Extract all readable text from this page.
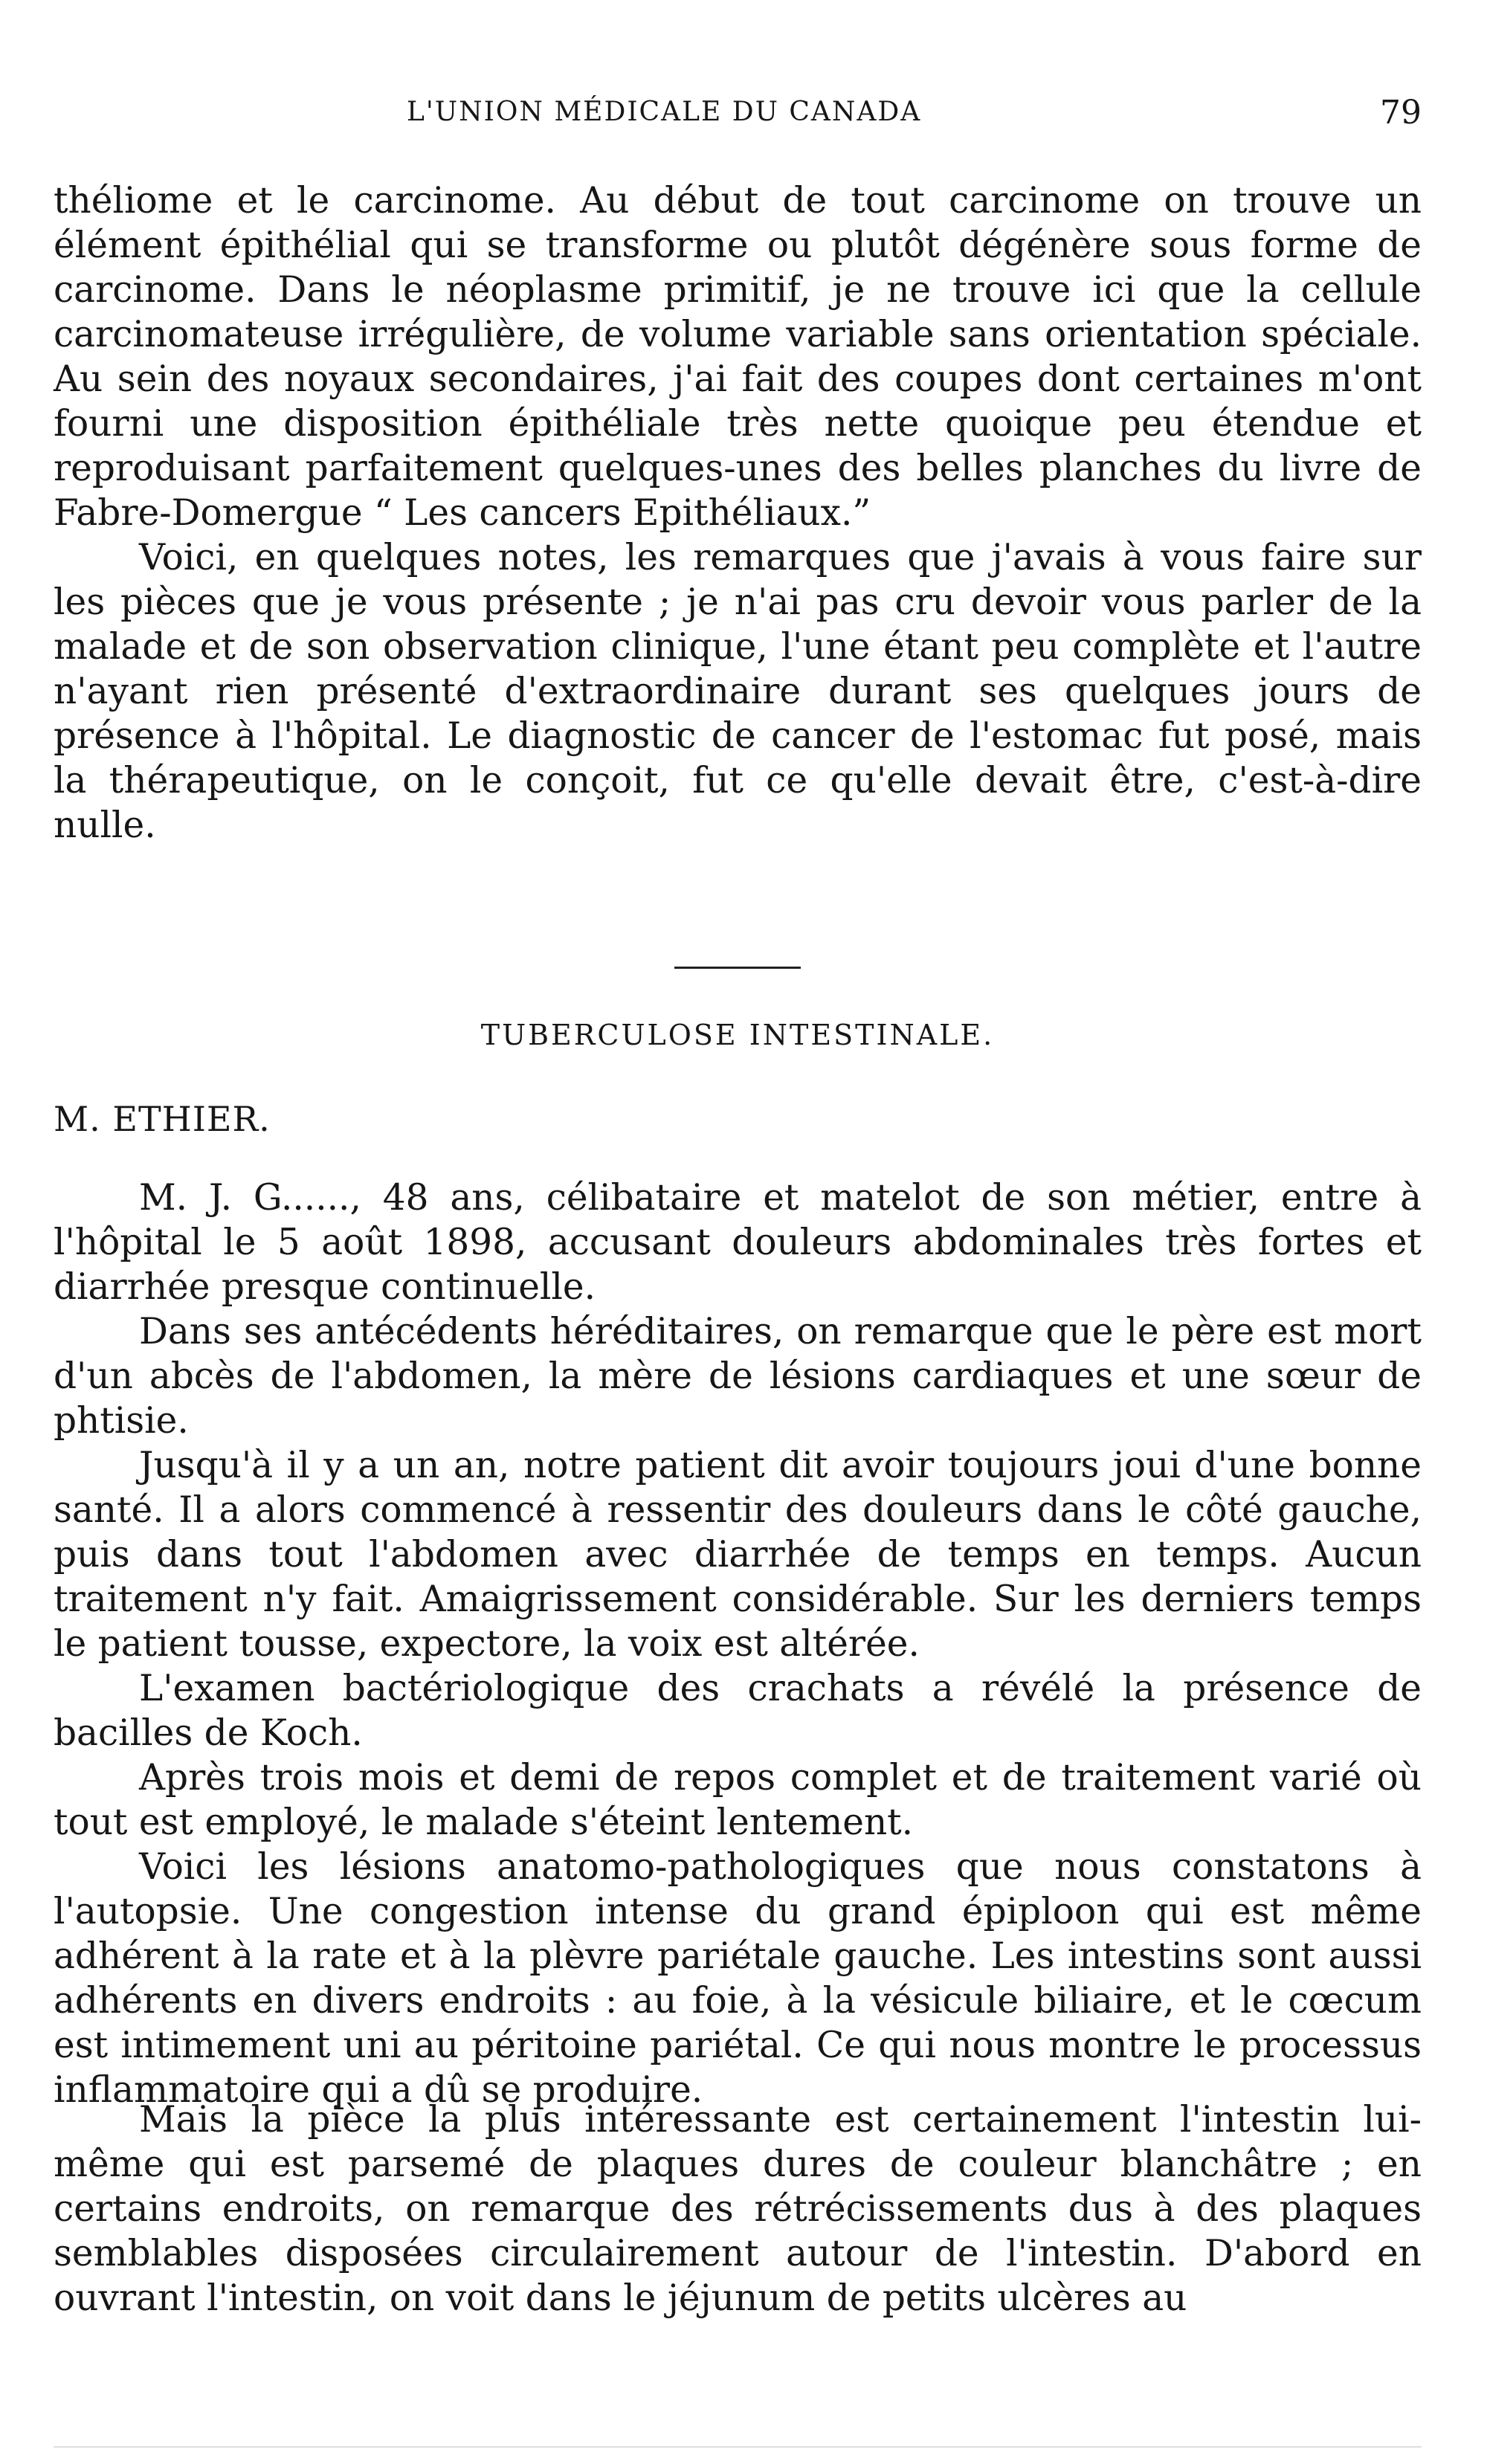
L'UNION MÉDICALE DU CANADA	79

théliome et le carcinome. Au début de tout carcinome on trouve un élément épithélial qui se transforme ou plutôt dégénère sous forme de carcinome. Dans le néoplasme primitif, je ne trouve ici que la cellule carcinomateuse irrégulière, de volume variable sans orientation spéciale. Au sein des noyaux secondaires, j'ai fait des coupes dont certaines m'ont fourni une disposition épithéliale très nette quoique peu étendue et reproduisant parfaitement quelques-unes des belles planches du livre de Fabre-Domergue “ Les cancers Epithéliaux.”

Voici, en quelques notes, les remarques que j'avais à vous faire sur les pièces que je vous présente ; je n'ai pas cru devoir vous parler de la malade et de son observation clinique, l'une étant peu complète et l'autre n'ayant rien présenté d'extraordinaire durant ses quelques jours de présence à l'hôpital. Le diagnostic de cancer de l'estomac fut posé, mais la thérapeutique, on le conçoit, fut ce qu'elle devait être, c'est-à-dire nulle.

TUBERCULOSE INTESTINALE.
M. ETHIER.

M. J. G......, 48 ans, célibataire et matelot de son métier, entre à l'hôpital le 5 août 1898, accusant douleurs abdominales très fortes et diarrhée presque continuelle.

Dans ses antécédents héréditaires, on remarque que le père est mort d'un abcès de l'abdomen, la mère de lésions cardiaques et une sœur de phtisie.

Jusqu'à il y a un an, notre patient dit avoir toujours joui d'une bonne santé. Il a alors commencé à ressentir des douleurs dans le côté gauche, puis dans tout l'abdomen avec diarrhée de temps en temps. Aucun traitement n'y fait. Amaigrissement considérable. Sur les derniers temps le patient tousse, expectore, la voix est altérée.

L'examen bactériologique des crachats a révélé la présence de bacilles de Koch.

Après trois mois et demi de repos complet et de traitement varié où tout est employé, le malade s'éteint lentement.

Voici les lésions anatomo-pathologiques que nous constatons à l'autopsie. Une congestion intense du grand épiploon qui est même adhérent à la rate et à la plèvre pariétale gauche. Les intestins sont aussi adhérents en divers endroits : au foie, à la vésicule biliaire, et le cœcum est intimement uni au péritoine pariétal. Ce qui nous montre le processus inflammatoire qui a dû se produire.

Mais la pièce la plus intéressante est certainement l'intestin lui-même qui est parsemé de plaques dures de couleur blanchâtre ; en certains endroits, on remarque des rétrécissements dus à des plaques semblables disposées circulairement autour de l'intestin. D'abord en ouvrant l'intestin, on voit dans le jéjunum de petits ulcères au
